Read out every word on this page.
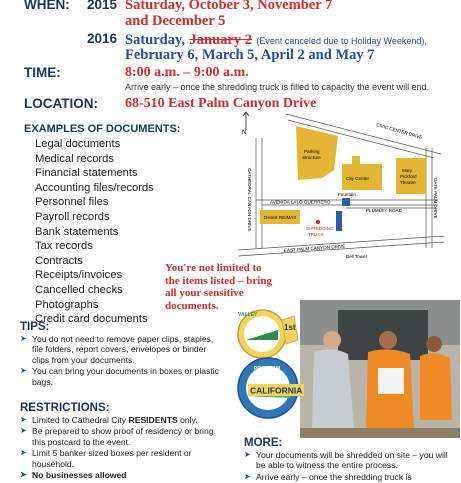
WHEN: 2015 Saturday, October 3, November 7
and December 5
2016 Saturday, January 2 (Event canceled due to Holiday Weekend),
February 6, March 5, April 2 and May 7
TIME:	8:00 a.m. – 9:00 a.m.
Arrive early – once the shredding truck is filled to capacity the event will end.
LOCATION: 68-510 East Palm Canyon Drive
EXAMPLES OF DOCUMENTS:
Legal documents
Medical records
Financial statements
Accounting files/records
Personnel files
Payroll records
Bank statements
Tax records
Contracts
Receipts/invoices
Cancelled checks
Photographs
Credit card documents
You're not limited to
the items listed – bring
all your sensitive
documents.
N
CATHEDRAL CANYON DRIVE
CIVIC CENTER DRIVE
AVENIDA LALO GUERRERO
EAST PALM CANYON DRIVE
PLUMLEY ROAD	DATE PALM DRIVE
Parking
Structure
City Center
Mary
Pickford
Theatre
Fountain
Desert RE/MAX
SHREDDING
TRUCK
Bell Tower
TIPS:
➤ You do not need to remove paper clips, staples, file folders, report covers, envelopes or binder clips from your documents.
➤ You can bring your documents in boxes or plastic bags.
RESTRICTIONS:
➤ Limited to Cathedral City RESIDENTS only.
➤ Be prepared to show proof of residency or bring this postcard to the event.
➤ Limit 5 banker sized boxes per resident or household.
➤ No businesses allowed
VALLEY
1st
CALIFORNIA
PROGRAM
MORE:
➤ Your documents will be shredded on site – you will be able to witness the entire process.
➤ Arrive early – once the shredding truck is
